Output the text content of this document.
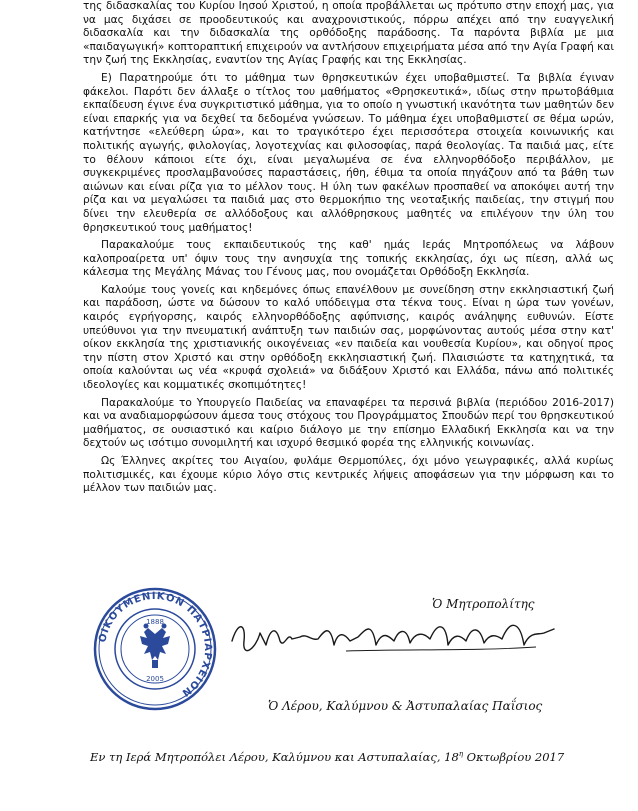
της διδασκαλίας του Κυρίου Ιησού Χριστού, η οποία προβάλλεται ως πρότυπο στην εποχή μας, για να μας διχάσει σε προοδευτικούς και αναχρονιστικούς, πόρρω απέχει από την ευαγγελική διδασκαλία και την διδασκαλία της ορθόδοξης παράδοσης. Τα παρόντα βιβλία με μια «παιδαγωγική» κοπτοραπτική επιχειρούν να αντλήσουν επιχειρήματα μέσα από την Αγία Γραφή και την ζωή της Εκκλησίας, εναντίον της Αγίας Γραφής και της Εκκλησίας.

Ε) Παρατηρούμε ότι το μάθημα των θρησκευτικών έχει υποβαθμιστεί. Τα βιβλία έγιναν φάκελοι. Παρότι δεν άλλαξε ο τίτλος του μαθήματος «Θρησκευτικά», ιδίως στην πρωτοβάθμια εκπαίδευση έγινε ένα συγκριτιστικό μάθημα, για το οποίο η γνωστική ικανότητα των μαθητών δεν είναι επαρκής για να δεχθεί τα δεδομένα γνώσεων. Το μάθημα έχει υποβαθμιστεί σε θέμα ωρών, κατήντησε «ελεύθερη ώρα», και το τραγικότερο έχει περισσότερα στοιχεία κοινωνικής και πολιτικής αγωγής, φιλολογίας, λογοτεχνίας και φιλοσοφίας, παρά θεολογίας. Τα παιδιά μας, είτε το θέλουν κάποιοι είτε όχι, είναι μεγαλωμένα σε ένα ελληνορθόδοξο περιβάλλον, με συγκεκριμένες προσλαμβανούσες παραστάσεις, ήθη, έθιμα τα οποία πηγάζουν από τα βάθη των αιώνων και είναι ρίζα για το μέλλον τους. Η ύλη των φακέλων προσπαθεί να αποκόψει αυτή την ρίζα και να μεγαλώσει τα παιδιά μας στο θερμοκήπιο της νεοταξικής παιδείας, την στιγμή που δίνει την ελευθερία σε αλλόδοξους και αλλόθρησκους μαθητές να επιλέγουν την ύλη του θρησκευτικού τους μαθήματος!

Παρακαλούμε τους εκπαιδευτικούς της καθ' ημάς Ιεράς Μητροπόλεως να λάβουν καλοπροαίρετα υπ' όψιν τους την ανησυχία της τοπικής εκκλησίας, όχι ως πίεση, αλλά ως κάλεσμα της Μεγάλης Μάνας του Γένους μας, που ονομάζεται Ορθόδοξη Εκκλησία.

Καλούμε τους γονείς και κηδεμόνες όπως επανέλθουν με συνείδηση στην εκκλησιαστική ζωή και παράδοση, ώστε να δώσουν το καλό υπόδειγμα στα τέκνα τους. Είναι η ώρα των γονέων, καιρός εγρήγορσης, καιρός ελληνορθόδοξης αφύπνισης, καιρός ανάληψης ευθυνών. Είστε υπεύθυνοι για την πνευματική ανάπτυξη των παιδιών σας, μορφώνοντας αυτούς μέσα στην κατ' οίκον εκκλησία της χριστιανικής οικογένειας «εν παιδεία και νουθεσία Κυρίου», και οδηγοί προς την πίστη στον Χριστό και στην ορθόδοξη εκκλησιαστική ζωή. Πλαισιώστε τα κατηχητικά, τα οποία καλούνται ως νέα «κρυφά σχολειά» να διδάξουν Χριστό και Ελλάδα, πάνω από πολιτικές ιδεολογίες και κομματικές σκοπιμότητες!

Παρακαλούμε το Υπουργείο Παιδείας να επαναφέρει τα περσινά βιβλία (περιόδου 2016-2017) και να αναδιαμορφώσουν άμεσα τους στόχους του Προγράμματος Σπουδών περί του θρησκευτικού μαθήματος, σε ουσιαστικό και καίριο διάλογο με την επίσημο Ελλαδική Εκκλησία και να την δεχτούν ως ισότιμο συνομιλητή και ισχυρό θεσμικό φορέα της ελληνικής κοινωνίας.

Ως Έλληνες ακρίτες του Αιγαίου, φυλάμε Θερμοπύλες, όχι μόνο γεωγραφικές, αλλά κυρίως πολιτισμικές, και έχουμε κύριο λόγο στις κεντρικές λήψεις αποφάσεων για την μόρφωση και το μέλλον των παιδιών μας.

Ὁ Μητροπολίτης
ΟΙΚΟΥΜΕΝΙΚΟΝ ΠΑΤΡΙΑΡΧΕΙΟΝ
1888
2005
Ὁ Λέρου, Καλύμνου & Ἀστυπαλαίας Παΐσιος
Εν τη Ιερά Μητροπόλει Λέρου, Καλύμνου και Αστυπαλαίας, $18^\eta$ Οκτωβρίου 2017
